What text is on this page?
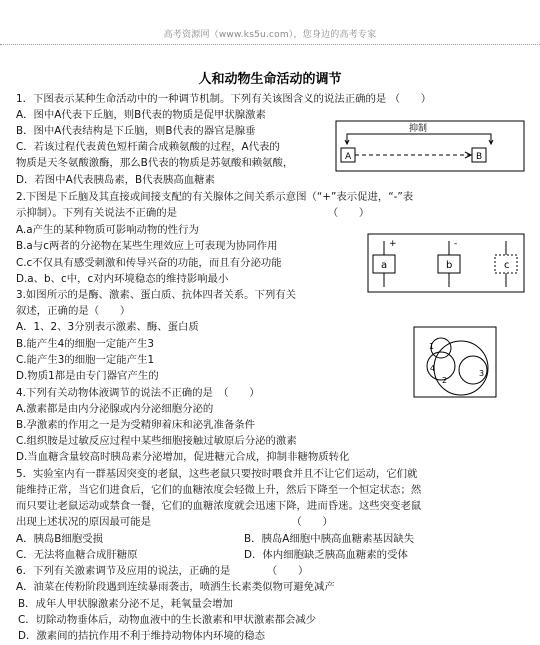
高考资源网（www.ks5u.com），您身边的高考专家
人和动物生命活动的调节
1．下图表示某种生命活动中的一种调节机制。下列有关该图含义的说法正确的是 （　　）
A．图中A代表下丘脑，则B代表的物质是促甲状腺激素
B．图中A代表结构是下丘脑，则B代表的器官是腺垂
C．若该过程代表黄色短杆菌合成赖氨酸的过程，A代表的
物质是天冬氨酸激酶，那么B代表的物质是苏氨酸和赖氨酸，
D．若图中A代表胰岛素，B代表胰高血糖素
抑制
A	B
2.下图是下丘脑及其直接或间接支配的有关腺体之间关系示意图（“+”表示促进，“-”表
示抑制）。下列有关说法不正确的是　　　　　　　　　　　　　　　（　　）
A.a产生的某种物质可影响动物的性行为
B.a与c两者的分泌物在某些生理效应上可表现为协同作用
C.c不仅具有感受刺激和传导兴奋的功能，而且有分泌功能
D.a、b、c中，c对内环境稳态的维持影响最小
a	b	c
+	-
3.如图所示的是酶、激素、蛋白质、抗体四者关系。下列有关
叙述，正确的是（　　）
A．1、2、3分别表示激素、酶、蛋白质
B.能产生4的细胞一定能产生3
C.能产生3的细胞一定能产生1
D.物质1都是由专门器官产生的
1
4
2
3
4.下列有关动物体液调节的说法不正确的是　（　　）
A.激素都是由内分泌腺或内分泌细胞分泌的
B.孕激素的作用之一是为受精卵着床和泌乳准备条件
C.组织胺是过敏反应过程中某些细胞接触过敏原后分泌的激素
D.当血糖含量较高时胰岛素分泌增加，促进糖元合成，抑制非糖物质转化
5．实验室内有一群基因突变的老鼠，这些老鼠只要按时喂食并且不让它们运动，它们就
能维持正常，当它们进食后，它们的血糖浓度会轻微上升，然后下降至一个恒定状态；然
而只要让老鼠运动或禁食一餐，它们的血糖浓度就会迅速下降，进而昏迷。这些突变老鼠
出现上述状况的原因最可能是　　　　　　　　　　　　　　（　　）
A．胰岛B细胞受损	B．胰岛A细胞中胰高血糖素基因缺失
C．无法将血糖合成肝糖原	D．体内细胞缺乏胰高血糖素的受体
6．下列有关激素调节及应用的说法，正确的是　　　　（　　）
A．油菜在传粉阶段遇到连续暴雨袭击，喷洒生长素类似物可避免减产
B．成年人甲状腺激素分泌不足，耗氧量会增加
C．切除动物垂体后，动物血液中的生长激素和甲状激素都会减少
D．激素间的拮抗作用不利于维持动物体内环境的稳态
